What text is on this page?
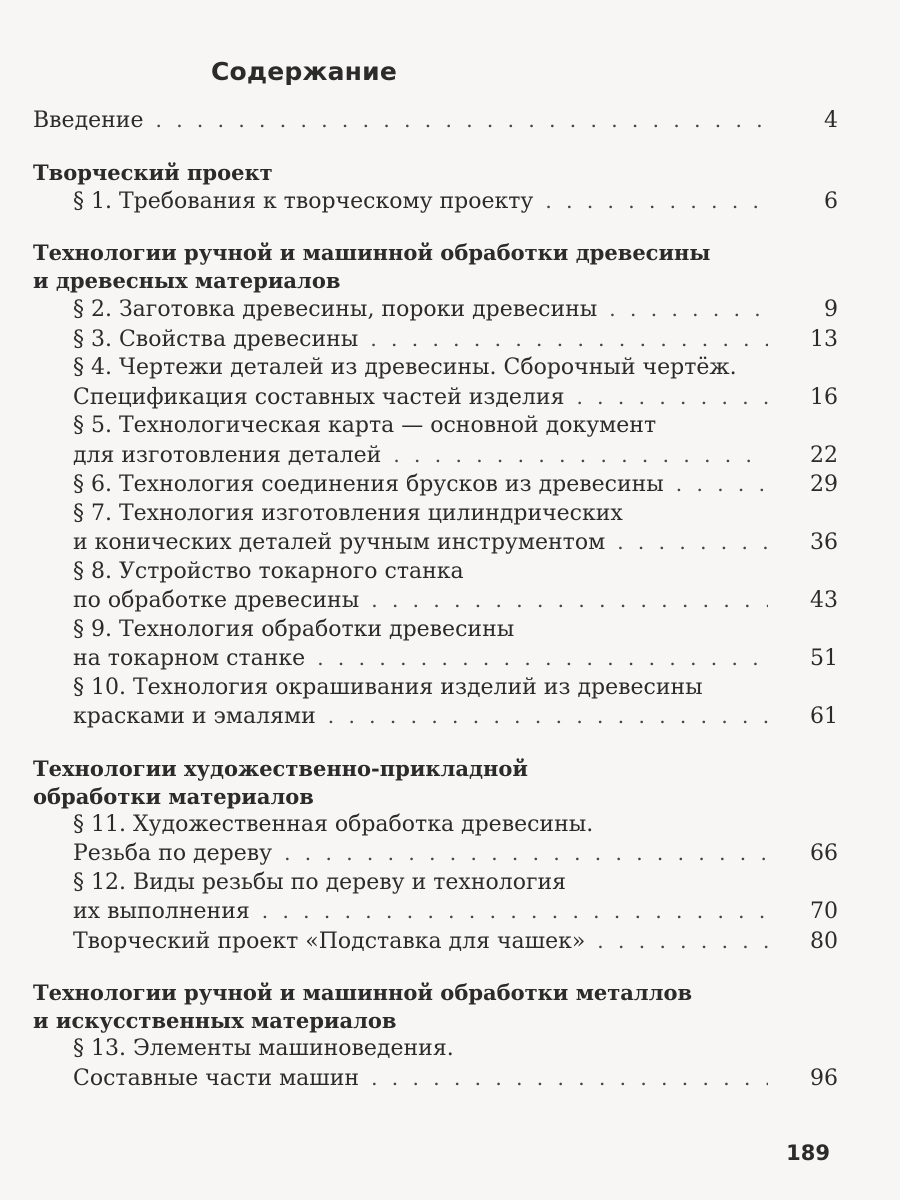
Содержание
Введение . . .	4
Творческий проект
§ 1. Требования к творческому проекту . . .	6
Технологии ручной и машинной обработки древесины
и древесных материалов
§ 2. Заготовка древесины, пороки древесины . . .	9
§ 3. Свойства древесины . . .	13
§ 4. Чертежи деталей из древесины. Сборочный чертёж.
Спецификация составных частей изделия . . .	16
§ 5. Технологическая карта — основной документ
для изготовления деталей . . .	22
§ 6. Технология соединения брусков из древесины . . .	29
§ 7. Технология изготовления цилиндрических
и конических деталей ручным инструментом . . .	36
§ 8. Устройство токарного станка
по обработке древесины . . .	43
§ 9. Технология обработки древесины
на токарном станке . . .	51
§ 10. Технология окрашивания изделий из древесины
красками и эмалями . . .	61
Технологии художественно-прикладной
обработки материалов
§ 11. Художественная обработка древесины.
Резьба по дереву . . .	66
§ 12. Виды резьбы по дереву и технология
их выполнения . . .	70
Творческий проект «Подставка для чашек» . . .	80
Технологии ручной и машинной обработки металлов
и искусственных материалов
§ 13. Элементы машиноведения.
Составные части машин . . .	96
189
